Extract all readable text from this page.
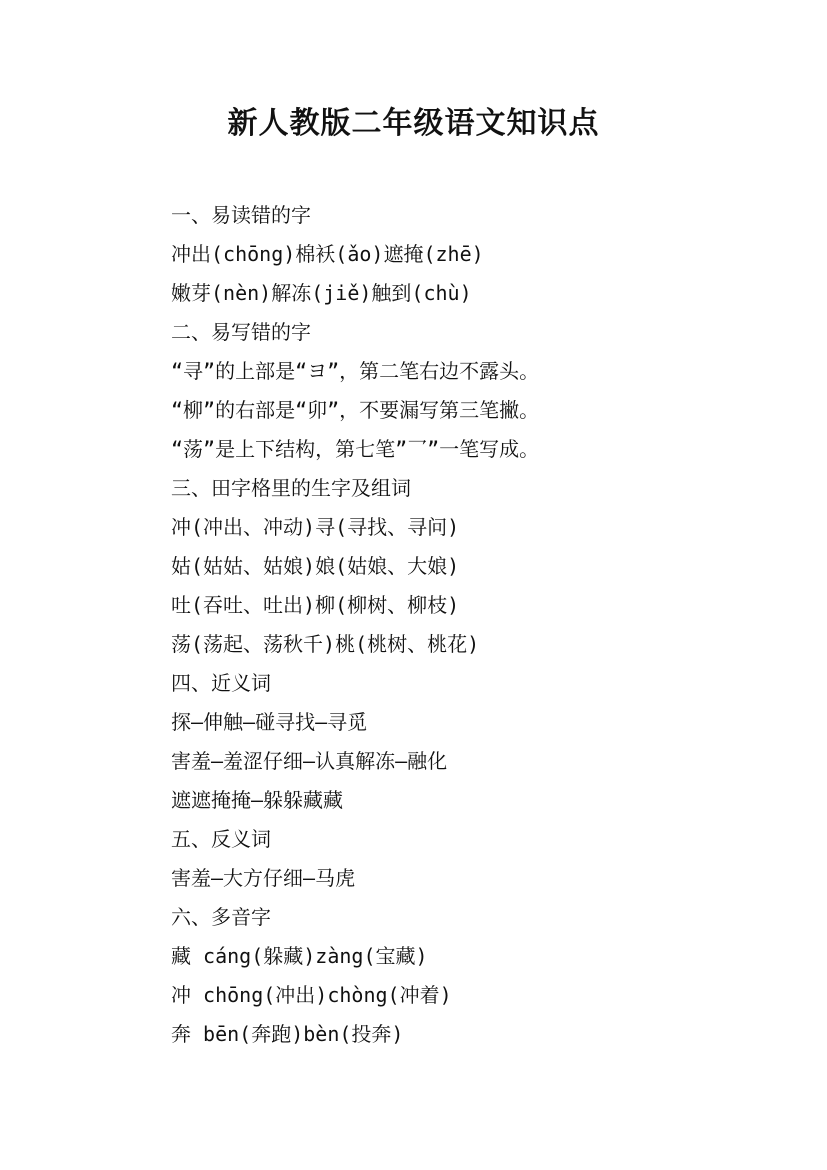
新人教版二年级语文知识点
一、易读错的字
冲出(chōng)棉袄(ǎo)遮掩(zhē)
嫩芽(nèn)解冻(jiě)触到(chù)
二、易写错的字
“寻”的上部是“ヨ”，第二笔右边不露头。
“柳”的右部是“卯”，不要漏写第三笔撇。
“荡”是上下结构，第七笔”乛”一笔写成。
三、田字格里的生字及组词
冲(冲出、冲动)寻(寻找、寻问)
姑(姑姑、姑娘)娘(姑娘、大娘)
吐(吞吐、吐出)柳(柳树、柳枝)
荡(荡起、荡秋千)桃(桃树、桃花)
四、近义词
探—伸触—碰寻找—寻觅
害羞—羞涩仔细—认真解冻—融化
遮遮掩掩—躲躲藏藏
五、反义词
害羞—大方仔细—马虎
六、多音字
藏 cáng(躲藏)zàng(宝藏)
冲 chōng(冲出)chòng(冲着)
奔 bēn(奔跑)bèn(投奔)
